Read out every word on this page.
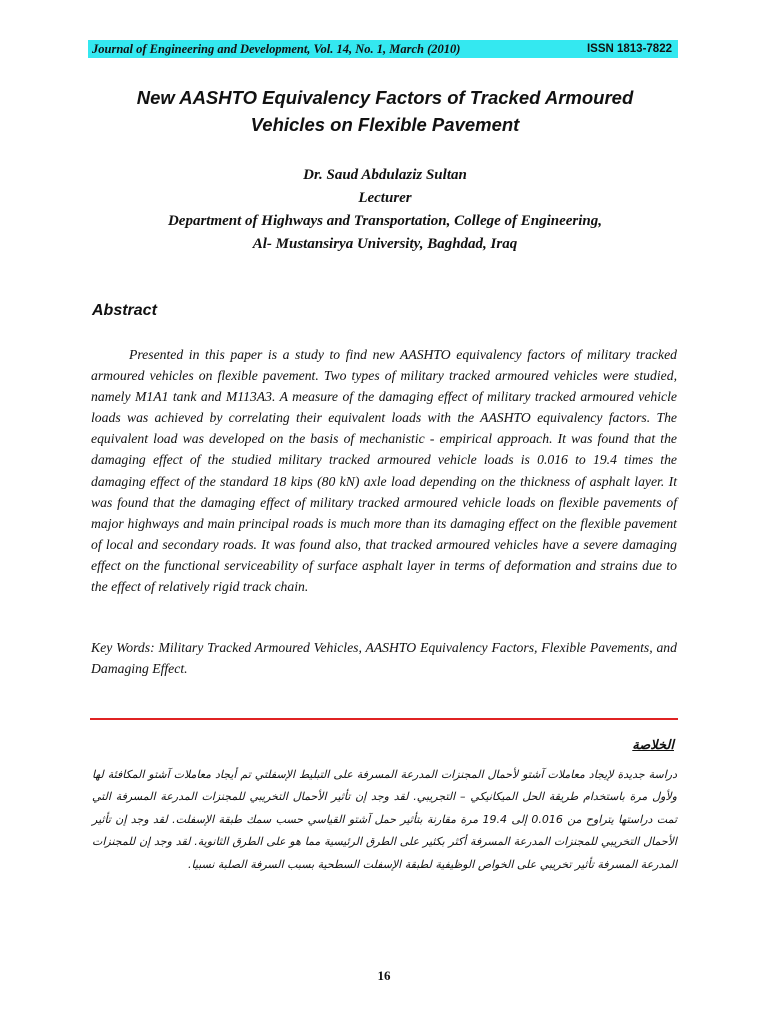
Journal of Engineering and Development, Vol. 14, No. 1, March (2010)	ISSN 1813-7822
New AASHTO Equivalency Factors of Tracked Armoured
Vehicles on Flexible Pavement
Dr. Saud Abdulaziz Sultan
Lecturer
Department of Highways and Transportation, College of Engineering,
Al- Mustansirya University, Baghdad, Iraq
Abstract

Presented in this paper is a study to find new AASHTO equivalency factors of military tracked armoured vehicles on flexible pavement. Two types of military tracked armoured vehicles were studied, namely M1A1 tank and M113A3. A measure of the damaging effect of military tracked armoured vehicle loads was achieved by correlating their equivalent loads with the AASHTO equivalency factors. The equivalent load was developed on the basis of mechanistic - empirical approach. It was found that the damaging effect of the studied military tracked armoured vehicle loads is 0.016 to 19.4 times the damaging effect of the standard 18 kips (80 kN) axle load depending on the thickness of asphalt layer. It was found that the damaging effect of military tracked armoured vehicle loads on flexible pavements of major highways and main principal roads is much more than its damaging effect on the flexible pavement of local and secondary roads. It was found also, that tracked armoured vehicles have a severe damaging effect on the functional serviceability of surface asphalt layer in terms of deformation and strains due to the effect of relatively rigid track chain.

Key Words: Military Tracked Armoured Vehicles, AASHTO Equivalency Factors, Flexible Pavements, and Damaging Effect.

الخلاصة

دراسة جديدة لإيجاد معاملات آشتو لأحمال المجنزات المدرعة المسرفة على التبليط الإسفلتي تم أيجاد معاملات آشتو المكافئة لها ولأول مرة باستخدام طريقة الحل الميكانيكي – التجريبي. لقد وجد إن تأثير الأحمال التخريبي للمجنزات المدرعة المسرفة التي تمت دراستها يتراوح من 0.016 إلى 19.4 مرة مقارنة بتأثير حمل آشتو القياسي حسب سمك طبقة الإسفلت. لقد وجد إن تأثير الأحمال التخريبي للمجنزات المدرعة المسرفة أكثر بكثير على الطرق الرئيسية مما هو على الطرق الثانوية. لقد وجد إن للمجنزات المدرعة المسرفة تأثير تخريبي على الخواص الوظيفية لطبقة الإسفلت السطحية بسبب السرفة الصلبة نسبيا.

16
